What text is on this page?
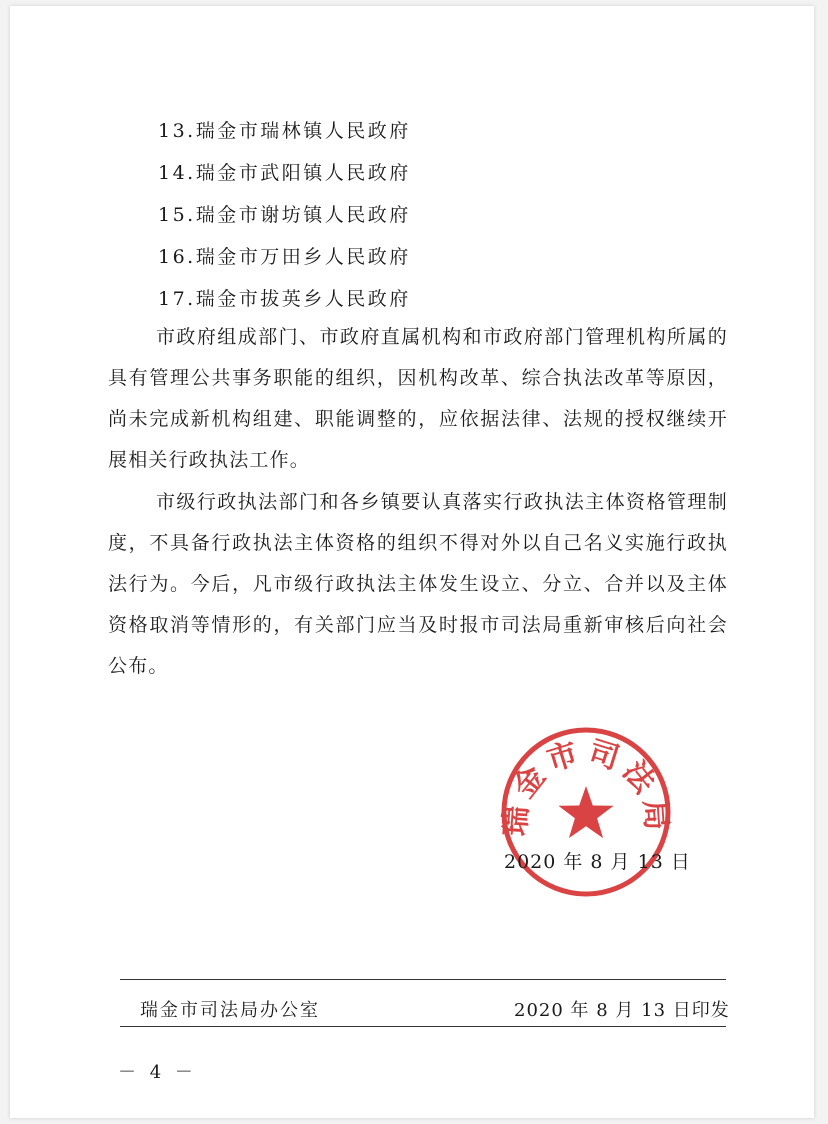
13.瑞金市瑞林镇人民政府
14.瑞金市武阳镇人民政府
15.瑞金市谢坊镇人民政府
16.瑞金市万田乡人民政府
17.瑞金市拔英乡人民政府
市政府组成部门、市政府直属机构和市政府部门管理机构所属的具有管理公共事务职能的组织，因机构改革、综合执法改革等原因，尚未完成新机构组建、职能调整的，应依据法律、法规的授权继续开展相关行政执法工作。
市级行政执法部门和各乡镇要认真落实行政执法主体资格管理制度，不具备行政执法主体资格的组织不得对外以自己名义实施行政执法行为。今后，凡市级行政执法主体发生设立、分立、合并以及主体资格取消等情形的，有关部门应当及时报市司法局重新审核后向社会公布。
瑞金市司法局
2020 年 8 月 13 日
瑞金市司法局办公室	2020 年 8 月 13 日印发
－ 4 －
